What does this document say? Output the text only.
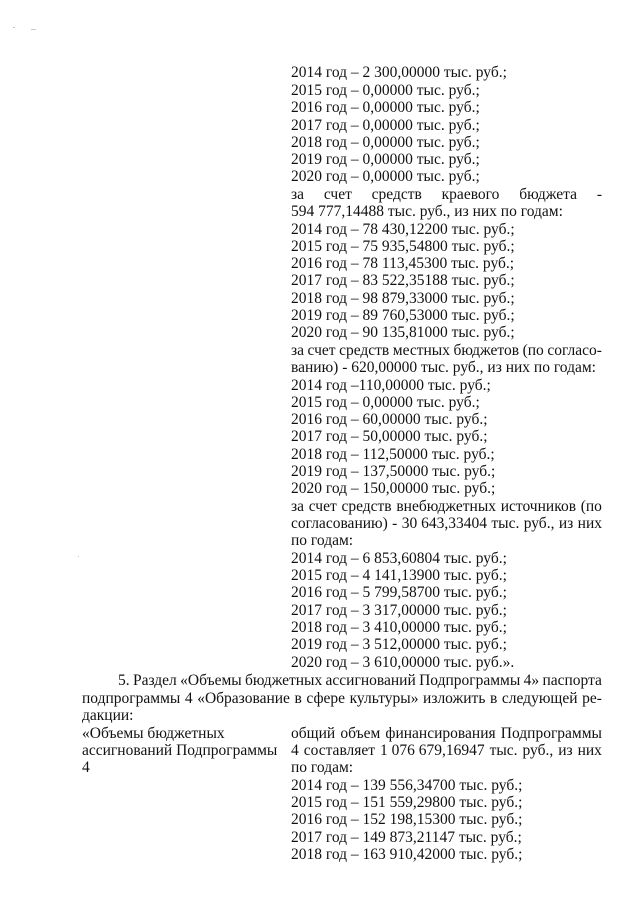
2014 год – 2 300,00000 тыс. руб.;
2015 год – 0,00000 тыс. руб.;
2016 год – 0,00000 тыс. руб.;
2017 год – 0,00000 тыс. руб.;
2018 год – 0,00000 тыс. руб.;
2019 год – 0,00000 тыс. руб.;
2020 год – 0,00000 тыс. руб.;
за счет средств краевого бюджета -
594 777,14488 тыс. руб., из них по годам:
2014 год – 78 430,12200 тыс. руб.;
2015 год – 75 935,54800 тыс. руб.;
2016 год – 78 113,45300 тыс. руб.;
2017 год – 83 522,35188 тыс. руб.;
2018 год – 98 879,33000 тыс. руб.;
2019 год – 89 760,53000 тыс. руб.;
2020 год – 90 135,81000 тыс. руб.;
за счет средств местных бюджетов (по согласо-
ванию) - 620,00000 тыс. руб., из них по годам:
2014 год –110,00000 тыс. руб.;
2015 год – 0,00000 тыс. руб.;
2016 год – 60,00000 тыс. руб.;
2017 год – 50,00000 тыс. руб.;
2018 год – 112,50000 тыс. руб.;
2019 год – 137,50000 тыс. руб.;
2020 год – 150,00000 тыс. руб.;
за счет средств внебюджетных источников (по
согласованию) - 30 643,33404 тыс. руб., из них
по годам:
2014 год – 6 853,60804 тыс. руб.;
2015 год – 4 141,13900 тыс. руб.;
2016 год – 5 799,58700 тыс. руб.;
2017 год – 3 317,00000 тыс. руб.;
2018 год – 3 410,00000 тыс. руб.;
2019 год – 3 512,00000 тыс. руб.;
2020 год – 3 610,00000 тыс. руб.».
5. Раздел «Объемы бюджетных ассигнований Подпрограммы 4» паспорта
подпрограммы 4 «Образование в сфере культуры» изложить в следующей ре-
дакции:
«Объемы бюджетных
ассигнований Подпрограммы
4
общий объем финансирования Подпрограммы
4 составляет 1 076 679,16947 тыс. руб., из них
по годам:
2014 год – 139 556,34700 тыс. руб.;
2015 год – 151 559,29800 тыс. руб.;
2016 год – 152 198,15300 тыс. руб.;
2017 год – 149 873,21147 тыс. руб.;
2018 год – 163 910,42000 тыс. руб.;
